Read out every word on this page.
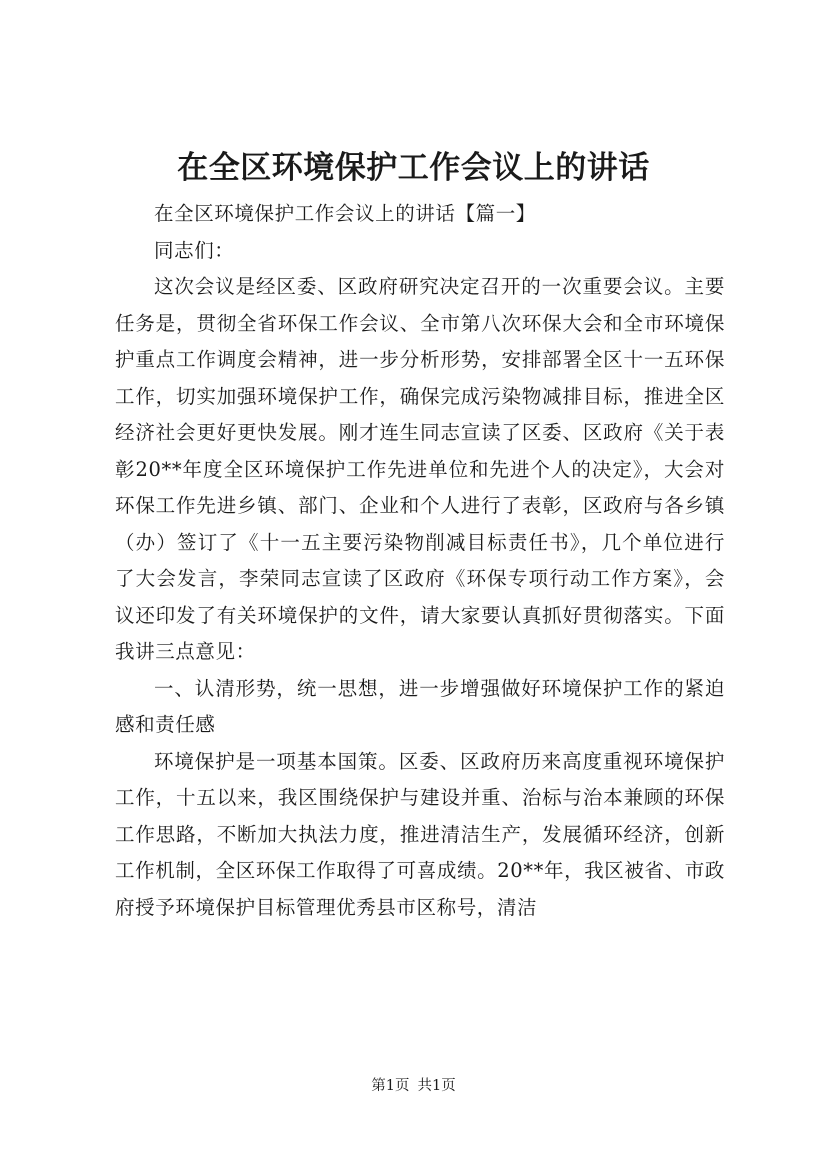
在全区环境保护工作会议上的讲话

在全区环境保护工作会议上的讲话【篇一】

同志们：

这次会议是经区委、区政府研究决定召开的一次重要会议。主要任务是，贯彻全省环保工作会议、全市第八次环保大会和全市环境保护重点工作调度会精神，进一步分析形势，安排部署全区十一五环保工作，切实加强环境保护工作，确保完成污染物减排目标，推进全区经济社会更好更快发展。刚才连生同志宣读了区委、区政府《关于表彰20**年度全区环境保护工作先进单位和先进个人的决定》，大会对环保工作先进乡镇、部门、企业和个人进行了表彰，区政府与各乡镇（办）签订了《十一五主要污染物削减目标责任书》，几个单位进行了大会发言，李荣同志宣读了区政府《环保专项行动工作方案》，会议还印发了有关环境保护的文件，请大家要认真抓好贯彻落实。下面我讲三点意见：

一、认清形势，统一思想，进一步增强做好环境保护工作的紧迫感和责任感

环境保护是一项基本国策。区委、区政府历来高度重视环境保护工作，十五以来，我区围绕保护与建设并重、治标与治本兼顾的环保工作思路，不断加大执法力度，推进清洁生产，发展循环经济，创新工作机制，全区环保工作取得了可喜成绩。20**年，我区被省、市政府授予环境保护目标管理优秀县市区称号，清洁

第1页 共1页
